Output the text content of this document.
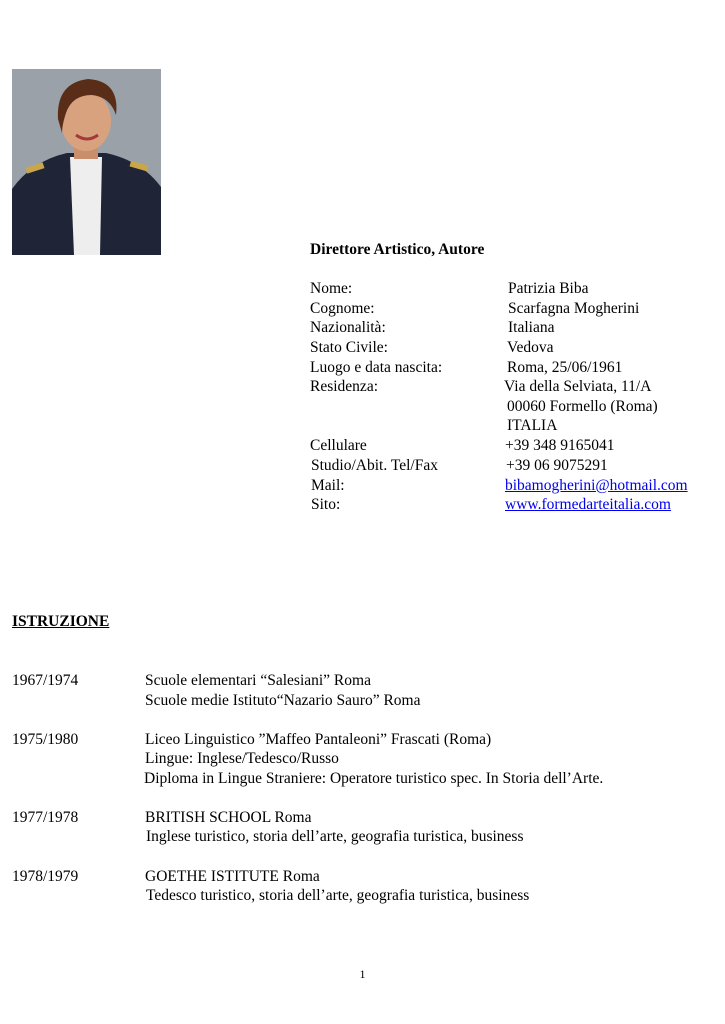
Direttore Artistico, Autore
Nome:	Patrizia Biba
Cognome:	Scarfagna Mogherini
Nazionalità:	Italiana
Stato Civile:	Vedova
Luogo e data nascita:	Roma, 25/06/1961
Residenza:	Via della Selviata, 11/A
00060 Formello (Roma)
ITALIA
Cellulare	+39 348 9165041
Studio/Abit. Tel/Fax	+39 06 9075291
Mail:	bibamogherini@hotmail.com
Sito:	www.formedarteitalia.com
ISTRUZIONE
1967/1974	Scuole elementari “Salesiani” Roma
Scuole medie Istituto“Nazario Sauro” Roma
1975/1980	Liceo Linguistico ”Maffeo Pantaleoni” Frascati (Roma)
Lingue: Inglese/Tedesco/Russo
Diploma in Lingue Straniere: Operatore turistico spec. In Storia dell’Arte.
1977/1978	BRITISH SCHOOL Roma
Inglese turistico, storia dell’arte, geografia turistica, business
1978/1979	GOETHE ISTITUTE Roma
Tedesco turistico, storia dell’arte, geografia turistica, business
1
